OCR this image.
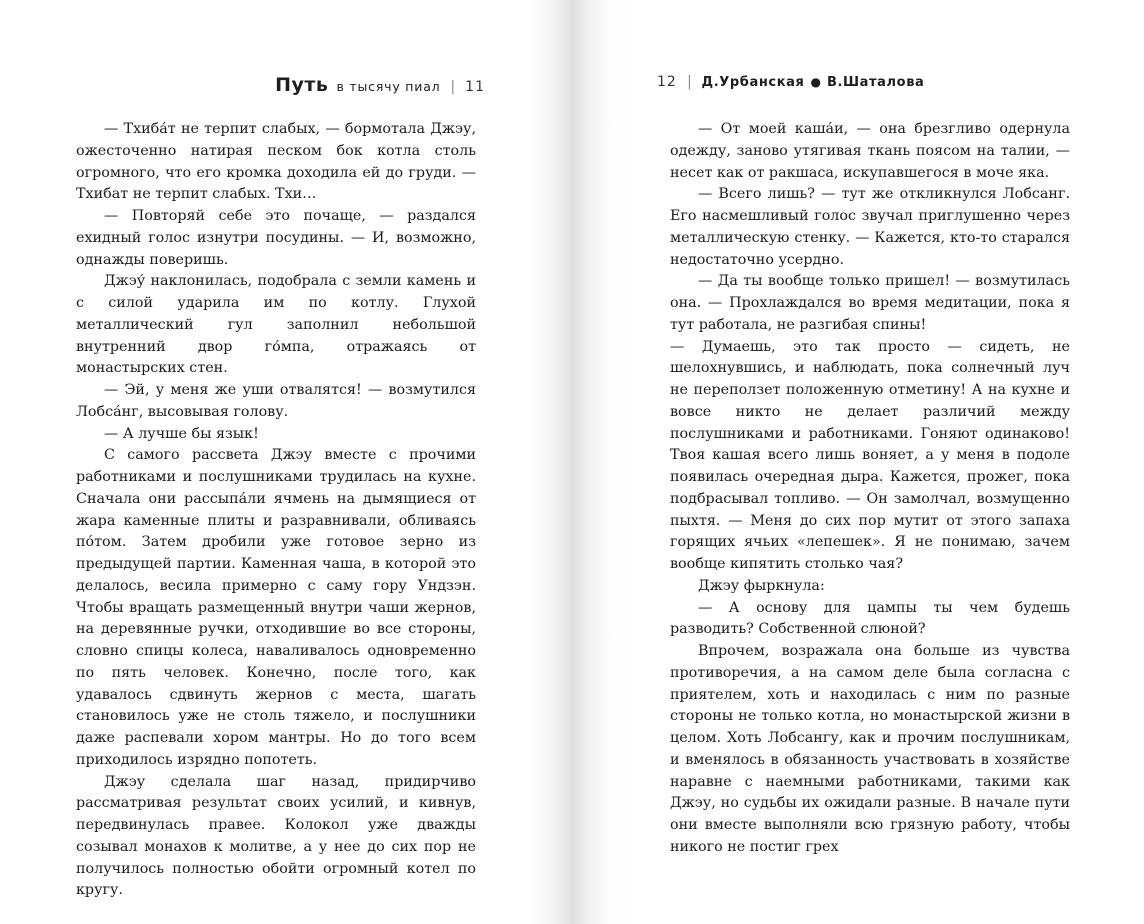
Путь в тысячу пиал | 11

— Тхиба́т не терпит слабых, — бормотала Джэу, ожесточенно натирая песком бок котла столь огромного, что его кромка доходила ей до груди. — Тхибат не терпит слабых. Тхи…

— Повторяй себе это почаще, — раздался ехидный голос изнутри посудины. — И, возможно, однажды поверишь.

Джэу́ наклонилась, подобрала с земли камень и с силой ударила им по котлу. Глухой металлический гул заполнил небольшой внутренний двор го́мпа, отражаясь от монастырских стен.

— Эй, у меня же уши отвалятся! — возмутился Лобса́нг, высовывая голову.

— А лучше бы язык!

С самого рассвета Джэу вместе с прочими работниками и послушниками трудилась на кухне. Сначала они рассыпа́ли ячмень на дымящиеся от жара каменные плиты и разравнивали, обливаясь по́том. Затем дробили уже готовое зерно из предыдущей партии. Каменная чаша, в которой это делалось, весила примерно с саму гору Ундзэн. Чтобы вращать размещенный внутри чаши жернов, на деревянные ручки, отходившие во все стороны, словно спицы колеса, наваливалось одновременно по пять человек. Конечно, после того, как удавалось сдвинуть жернов с места, шагать становилось уже не столь тяжело, и послушники даже распевали хором мантры. Но до того всем приходилось изрядно попотеть.

Джэу сделала шаг назад, придирчиво рассматривая результат своих усилий, и кивнув, передвинулась правее. Колокол уже дважды созывал монахов к молитве, а у нее до сих пор не получилось полностью обойти огромный котел по кругу.

12 | Д.Урбанская ● В.Шаталова

— От моей каша́и, — она брезгливо одернула одежду, заново утягивая ткань поясом на талии, — несет как от ракшаса, искупавшегося в моче яка.

— Всего лишь? — тут же откликнулся Лобсанг. Его насмешливый голос звучал приглушенно через металлическую стенку. — Кажется, кто-то старался недостаточно усердно.

— Да ты вообще только пришел! — возмутилась она. — Прохлаждался во время медитации, пока я тут работала, не разгибая спины!

— Думаешь, это так просто — сидеть, не шелохнувшись, и наблюдать, пока солнечный луч не переползет положенную отметину! А на кухне и вовсе никто не делает различий между послушниками и работниками. Гоняют одинаково! Твоя кашая всего лишь воняет, а у меня в подоле появилась очередная дыра. Кажется, прожег, пока подбрасывал топливо. — Он замолчал, возмущенно пыхтя. — Меня до сих пор мутит от этого запаха горящих ячьих «лепешек». Я не понимаю, зачем вообще кипятить столько чая?

Джэу фыркнула:

— А основу для цампы ты чем будешь разводить? Собственной слюной?

Впрочем, возражала она больше из чувства противоречия, а на самом деле была согласна с приятелем, хоть и находилась с ним по разные стороны не только котла, но монастырской жизни в целом. Хоть Лобсангу, как и прочим послушникам, и вменялось в обязанность участвовать в хозяйстве наравне с наемными работниками, такими как Джэу, но судьбы их ожидали разные. В начале пути они вместе выполняли всю грязную работу, чтобы никого не постиг грех
